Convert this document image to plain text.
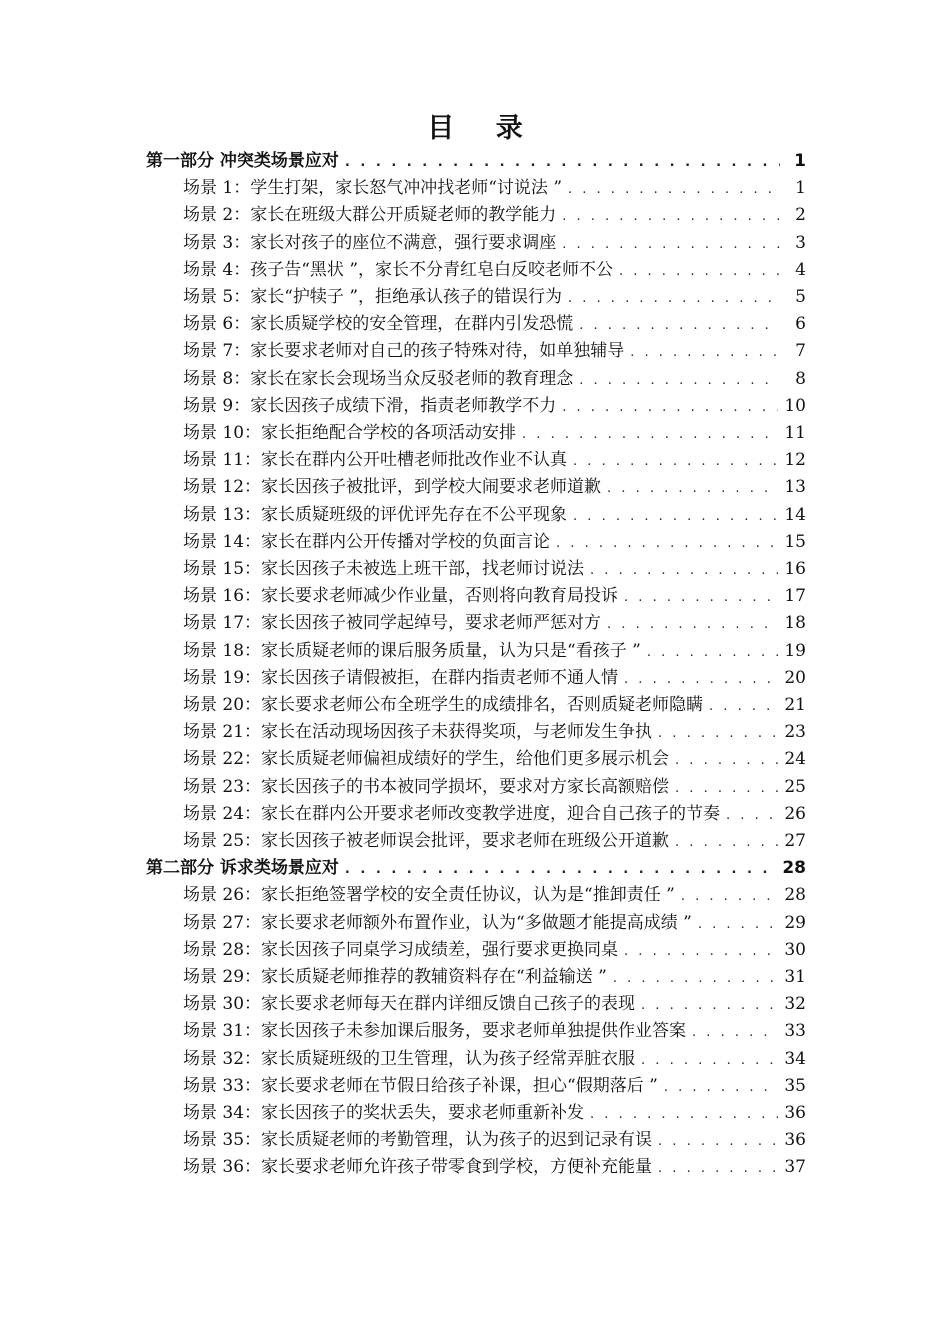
目 录
第一部分 冲突类场景应对 . . .	1
场景 1：学生打架，家长怒气冲冲找老师“讨说法 ” . . .	1
场景 2：家长在班级大群公开质疑老师的教学能力 . . .	2
场景 3：家长对孩子的座位不满意，强行要求调座 . . .	3
场景 4：孩子告“黑状 ”，家长不分青红皂白反咬老师不公 . . .	4
场景 5：家长“护犊子 ”，拒绝承认孩子的错误行为 . . .	5
场景 6：家长质疑学校的安全管理，在群内引发恐慌 . . .	6
场景 7：家长要求老师对自己的孩子特殊对待，如单独辅导 . . .	7
场景 8：家长在家长会现场当众反驳老师的教育理念 . . .	8
场景 9：家长因孩子成绩下滑，指责老师教学不力 . . .	10
场景 10：家长拒绝配合学校的各项活动安排 . . .	11
场景 11：家长在群内公开吐槽老师批改作业不认真 . . .	12
场景 12：家长因孩子被批评，到学校大闹要求老师道歉 . . .	13
场景 13：家长质疑班级的评优评先存在不公平现象 . . .	14
场景 14：家长在群内公开传播对学校的负面言论 . . .	15
场景 15：家长因孩子未被选上班干部，找老师讨说法 . . .	16
场景 16：家长要求老师减少作业量，否则将向教育局投诉 . . .	17
场景 17：家长因孩子被同学起绰号，要求老师严惩对方 . . .	18
场景 18：家长质疑老师的课后服务质量，认为只是“看孩子 ” . . .	19
场景 19：家长因孩子请假被拒，在群内指责老师不通人情 . . .	20
场景 20：家长要求老师公布全班学生的成绩排名，否则质疑老师隐瞒 . . .	21
场景 21：家长在活动现场因孩子未获得奖项，与老师发生争执 . . .	23
场景 22：家长质疑老师偏袒成绩好的学生，给他们更多展示机会 . . .	24
场景 23：家长因孩子的书本被同学损坏，要求对方家长高额赔偿 . . .	25
场景 24：家长在群内公开要求老师改变教学进度，迎合自己孩子的节奏 . . .	26
场景 25：家长因孩子被老师误会批评，要求老师在班级公开道歉 . . .	27
第二部分 诉求类场景应对 . . .	28
场景 26：家长拒绝签署学校的安全责任协议，认为是“推卸责任 ” . . .	28
场景 27：家长要求老师额外布置作业，认为“多做题才能提高成绩 ” . . .	29
场景 28：家长因孩子同桌学习成绩差，强行要求更换同桌 . . .	30
场景 29：家长质疑老师推荐的教辅资料存在“利益输送 ” . . .	31
场景 30：家长要求老师每天在群内详细反馈自己孩子的表现 . . .	32
场景 31：家长因孩子未参加课后服务，要求老师单独提供作业答案 . . .	33
场景 32：家长质疑班级的卫生管理，认为孩子经常弄脏衣服 . . .	34
场景 33：家长要求老师在节假日给孩子补课，担心“假期落后 ” . . .	35
场景 34：家长因孩子的奖状丢失，要求老师重新补发 . . .	36
场景 35：家长质疑老师的考勤管理，认为孩子的迟到记录有误 . . .	36
场景 36：家长要求老师允许孩子带零食到学校，方便补充能量 . . .	37
